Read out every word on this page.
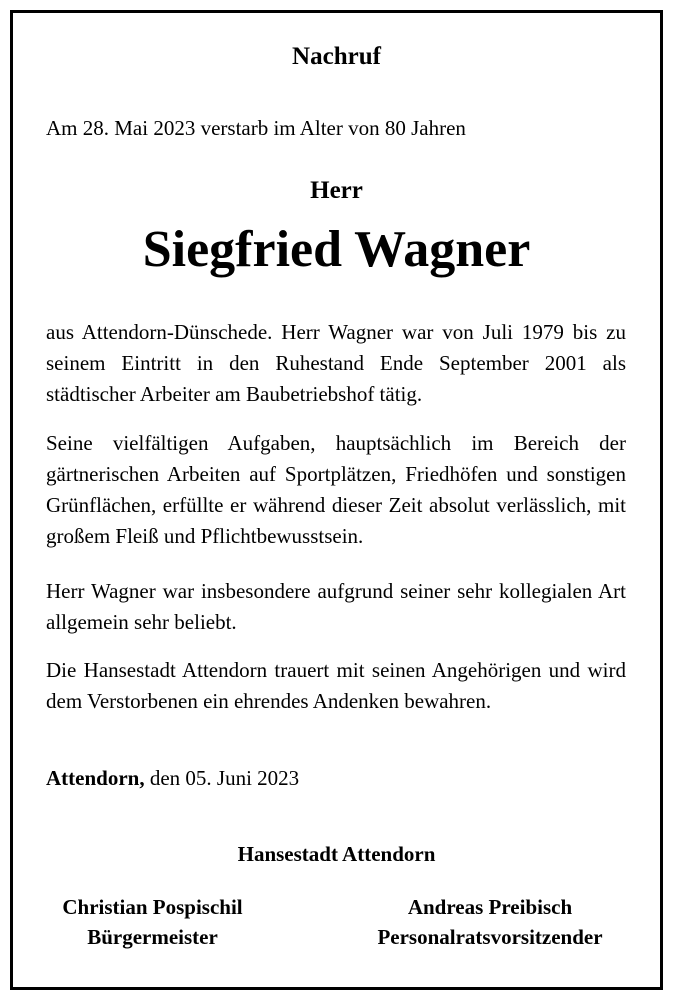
Nachruf
Am 28. Mai 2023 verstarb im Alter von 80 Jahren
Herr
Siegfried Wagner
aus Attendorn-Dünschede. Herr Wagner war von Juli 1979 bis zu seinem Eintritt in den Ruhestand Ende September 2001 als städtischer Arbeiter am Baubetriebshof tätig.
Seine vielfältigen Aufgaben, hauptsächlich im Bereich der gärtnerischen Arbeiten auf Sportplätzen, Friedhöfen und sonstigen Grünflächen, erfüllte er während dieser Zeit absolut verlässlich, mit großem Fleiß und Pflichtbewusstsein.
Herr Wagner war insbesondere aufgrund seiner sehr kollegialen Art allgemein sehr beliebt.
Die Hansestadt Attendorn trauert mit seinen Angehörigen und wird dem Verstorbenen ein ehrendes Andenken bewahren.
Attendorn, den 05. Juni 2023
Hansestadt Attendorn
Christian Pospischil
Bürgermeister
Andreas Preibisch
Personalratsvorsitzender
